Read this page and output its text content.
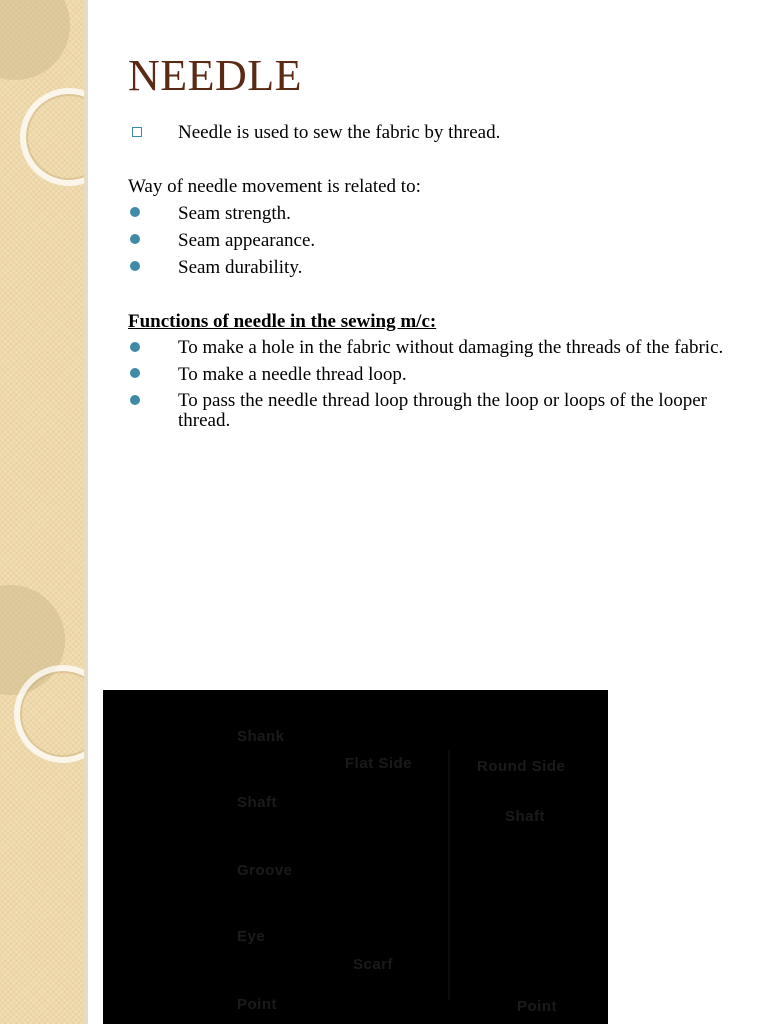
NEEDLE
Needle is used to sew the fabric by thread.
Way of needle movement is related to:
Seam strength.
Seam appearance.
Seam durability.
Functions of needle in the sewing m/c:
To make a hole in the fabric without damaging the threads of the fabric.
To make a needle thread loop.
To pass the needle thread loop through the loop or loops of the looper thread.
Shank
Flat Side	Round Side
Shaft
Shaft
Groove
Eye
Scarf
Point	Point
